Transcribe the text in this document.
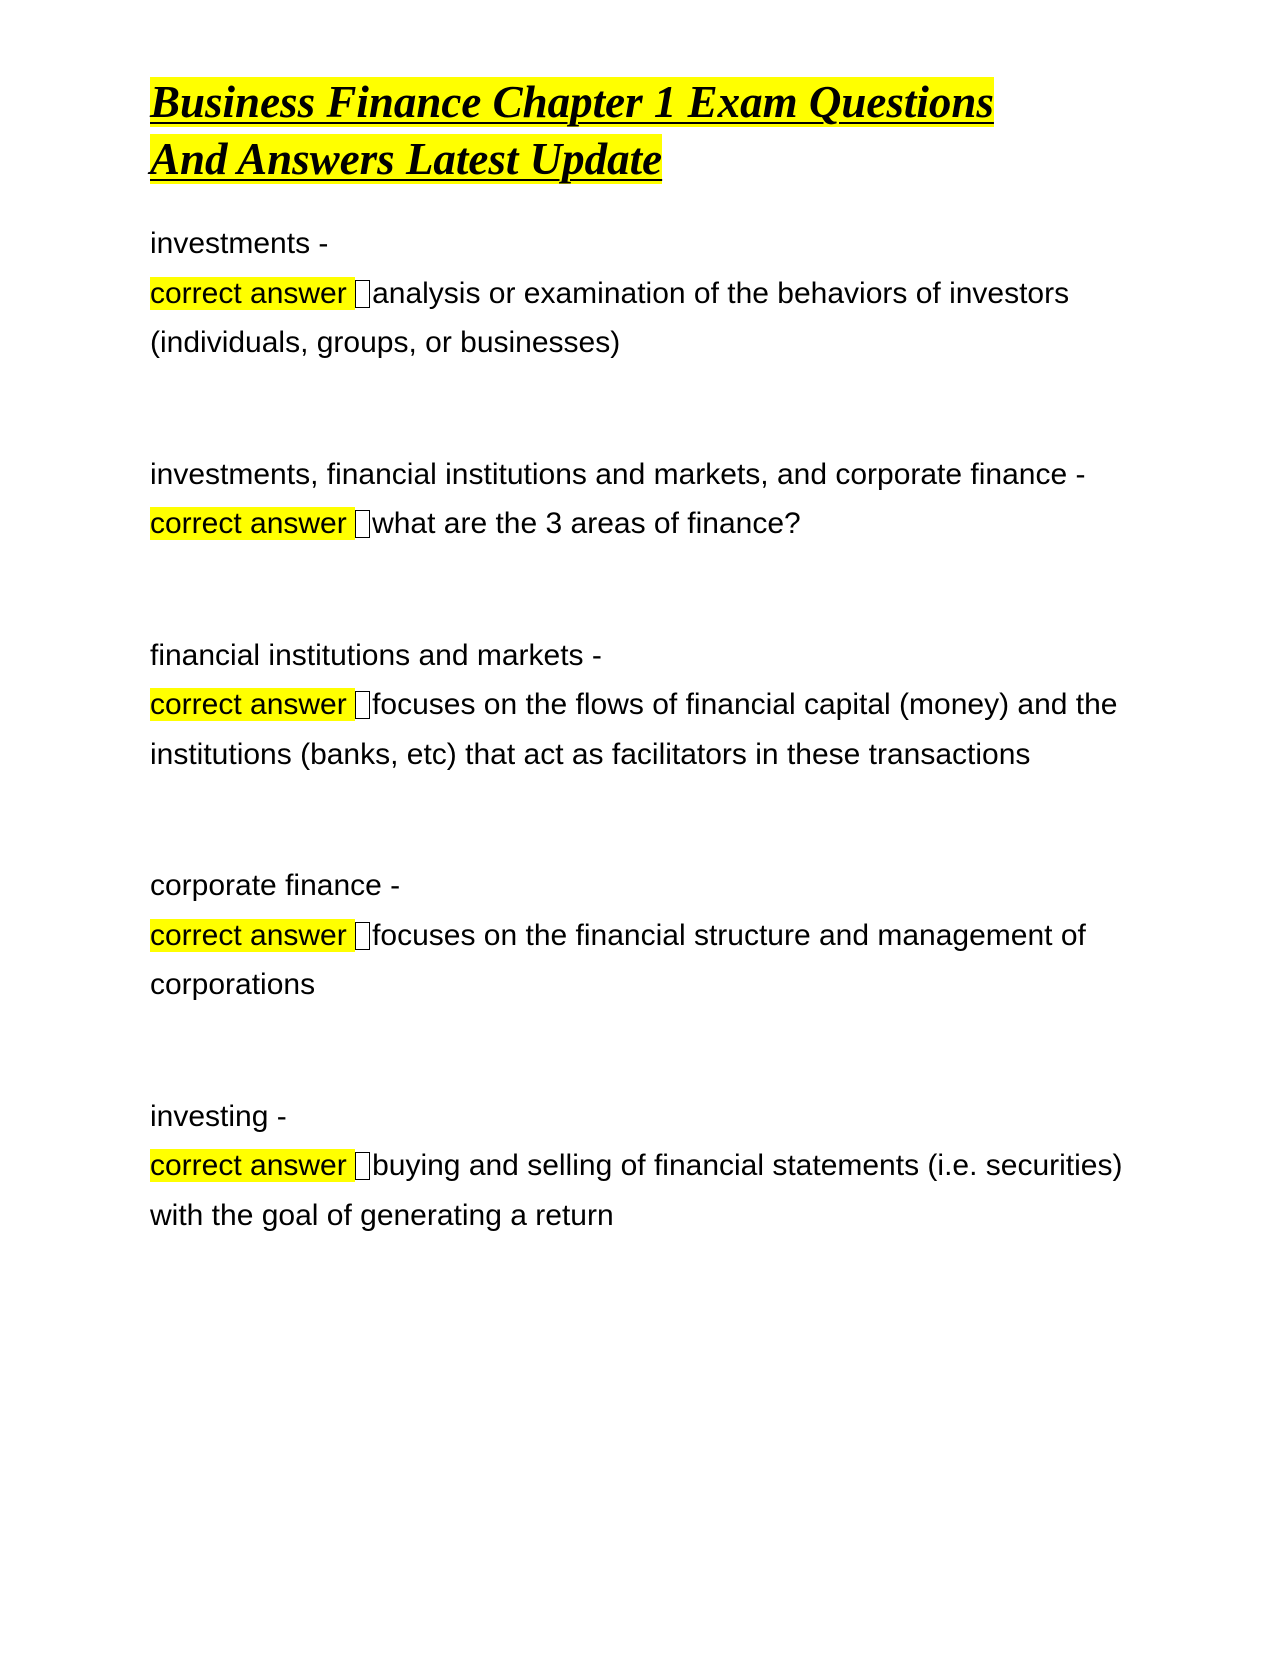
Business Finance Chapter 1 Exam Questions
And Answers Latest Update
investments -
correct answer analysis or examination of the behaviors of investors (individuals, groups, or businesses)
investments, financial institutions and markets, and corporate finance -
correct answer what are the 3 areas of finance?
financial institutions and markets -
correct answer focuses on the flows of financial capital (money) and the institutions (banks, etc) that act as facilitators in these transactions
corporate finance -
correct answer focuses on the financial structure and management of corporations
investing -
correct answer buying and selling of financial statements (i.e. securities) with the goal of generating a return
